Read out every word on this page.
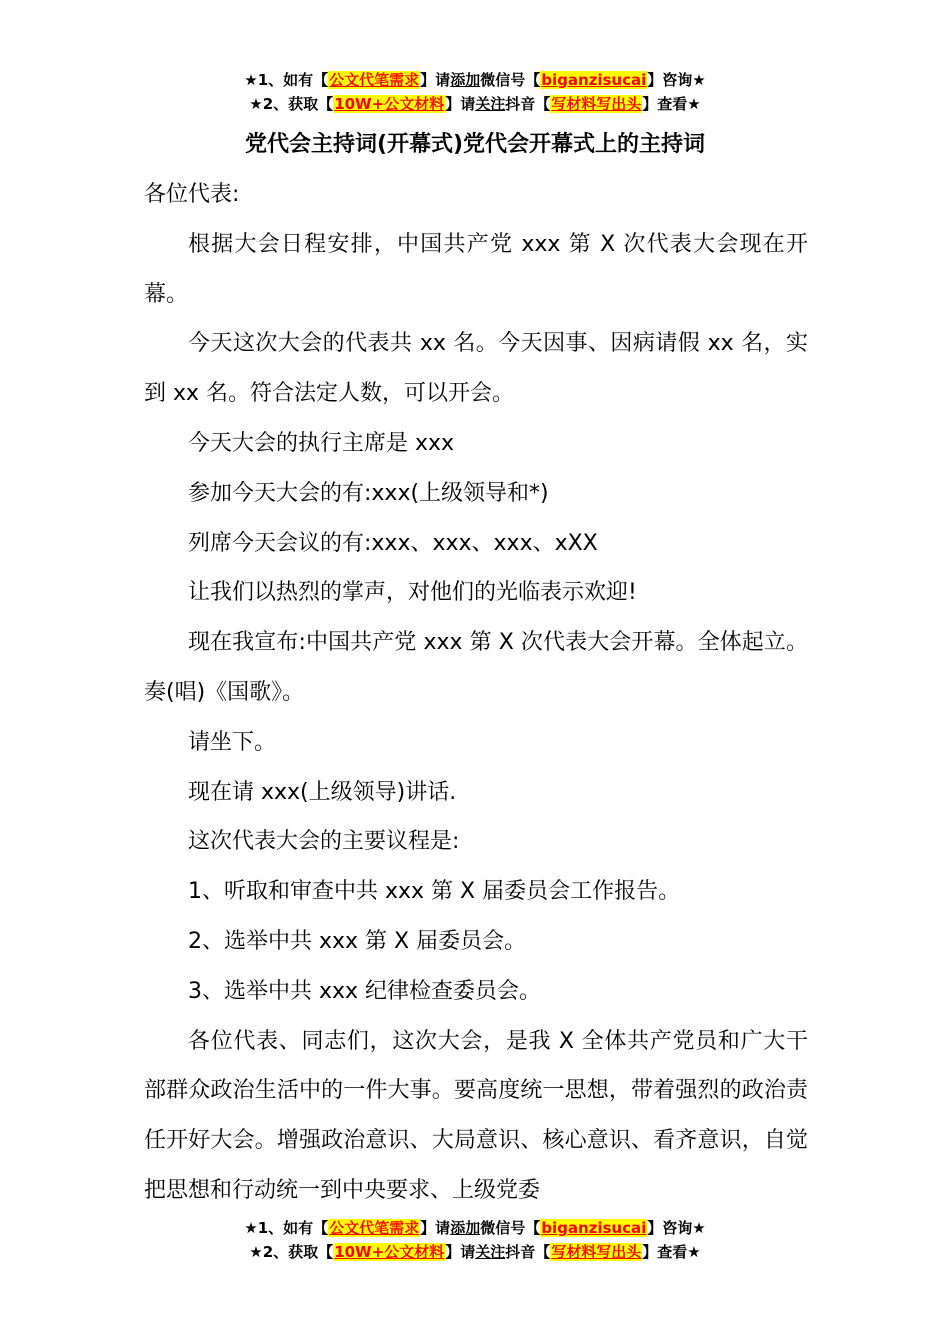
★1、如有【公文代笔需求】请添加微信号【biganzisucai】咨询★
★2、获取【10W+公文材料】请关注抖音【写材料写出头】查看★
党代会主持词(开幕式)党代会开幕式上的主持词

各位代表:

根据大会日程安排，中国共产党 xxx 第 X 次代表大会现在开幕。

今天这次大会的代表共 xx 名。今天因事、因病请假 xx 名，实到 xx 名。符合法定人数，可以开会。

今天大会的执行主席是 xxx

参加今天大会的有:xxx(上级领导和*)

列席今天会议的有:xxx、xxx、xxx、xXX

让我们以热烈的掌声，对他们的光临表示欢迎!

现在我宣布:中国共产党 xxx 第 X 次代表大会开幕。全体起立。奏(唱)《国歌》。

请坐下。

现在请 xxx(上级领导)讲话.

这次代表大会的主要议程是:

1、听取和审查中共 xxx 第 X 届委员会工作报告。

2、选举中共 xxx 第 X 届委员会。

3、选举中共 xxx 纪律检查委员会。

各位代表、同志们，这次大会，是我 X 全体共产党员和广大干部群众政治生活中的一件大事。要高度统一思想，带着强烈的政治责任开好大会。增强政治意识、大局意识、核心意识、看齐意识，自觉把思想和行动统一到中央要求、上级党委

★1、如有【公文代笔需求】请添加微信号【biganzisucai】咨询★
★2、获取【10W+公文材料】请关注抖音【写材料写出头】查看★
